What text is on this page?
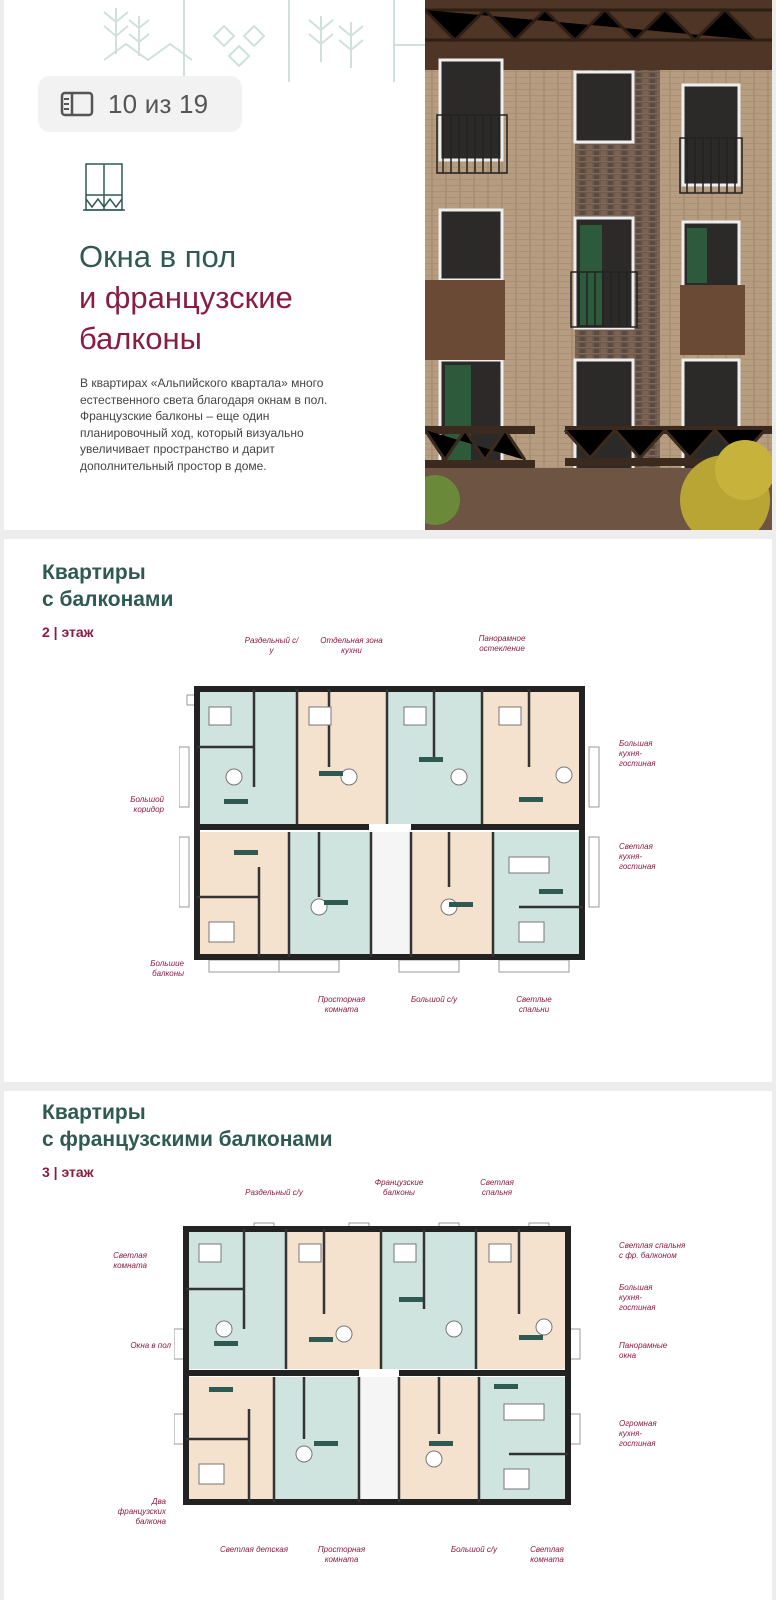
10 из 19
Окна в пол
и французские
балконы

В квартирах «Альпийского квартала» много естественного света благодаря окнам в пол. Французские балконы – еще один планировочный ход, который визуально увеличивает пространство и дарит дополнительный простор в доме.

Квартиры
с балконами
2 | этаж
Раздельный с/у
Отдельная зона кухни
Панорамное остекление
Большая кухня-гостиная
Большой коридор
Светлая кухня-гостиная
Большие балконы
Просторная комната
Большой с/у	Светлые спальни
Квартиры
с французскими балконами
3 | этаж
Раздельный с/у
Французские балконы
Светлая спальня
Светлая комната
Светлая спальня с фр. балконом
Большая кухня-гостиная
Окна в пол	Панорамные окна
Огромная кухня-гостиная
Два французских балкона
Светлая детская	Просторная комната
Большой с/у	Светлая комната
